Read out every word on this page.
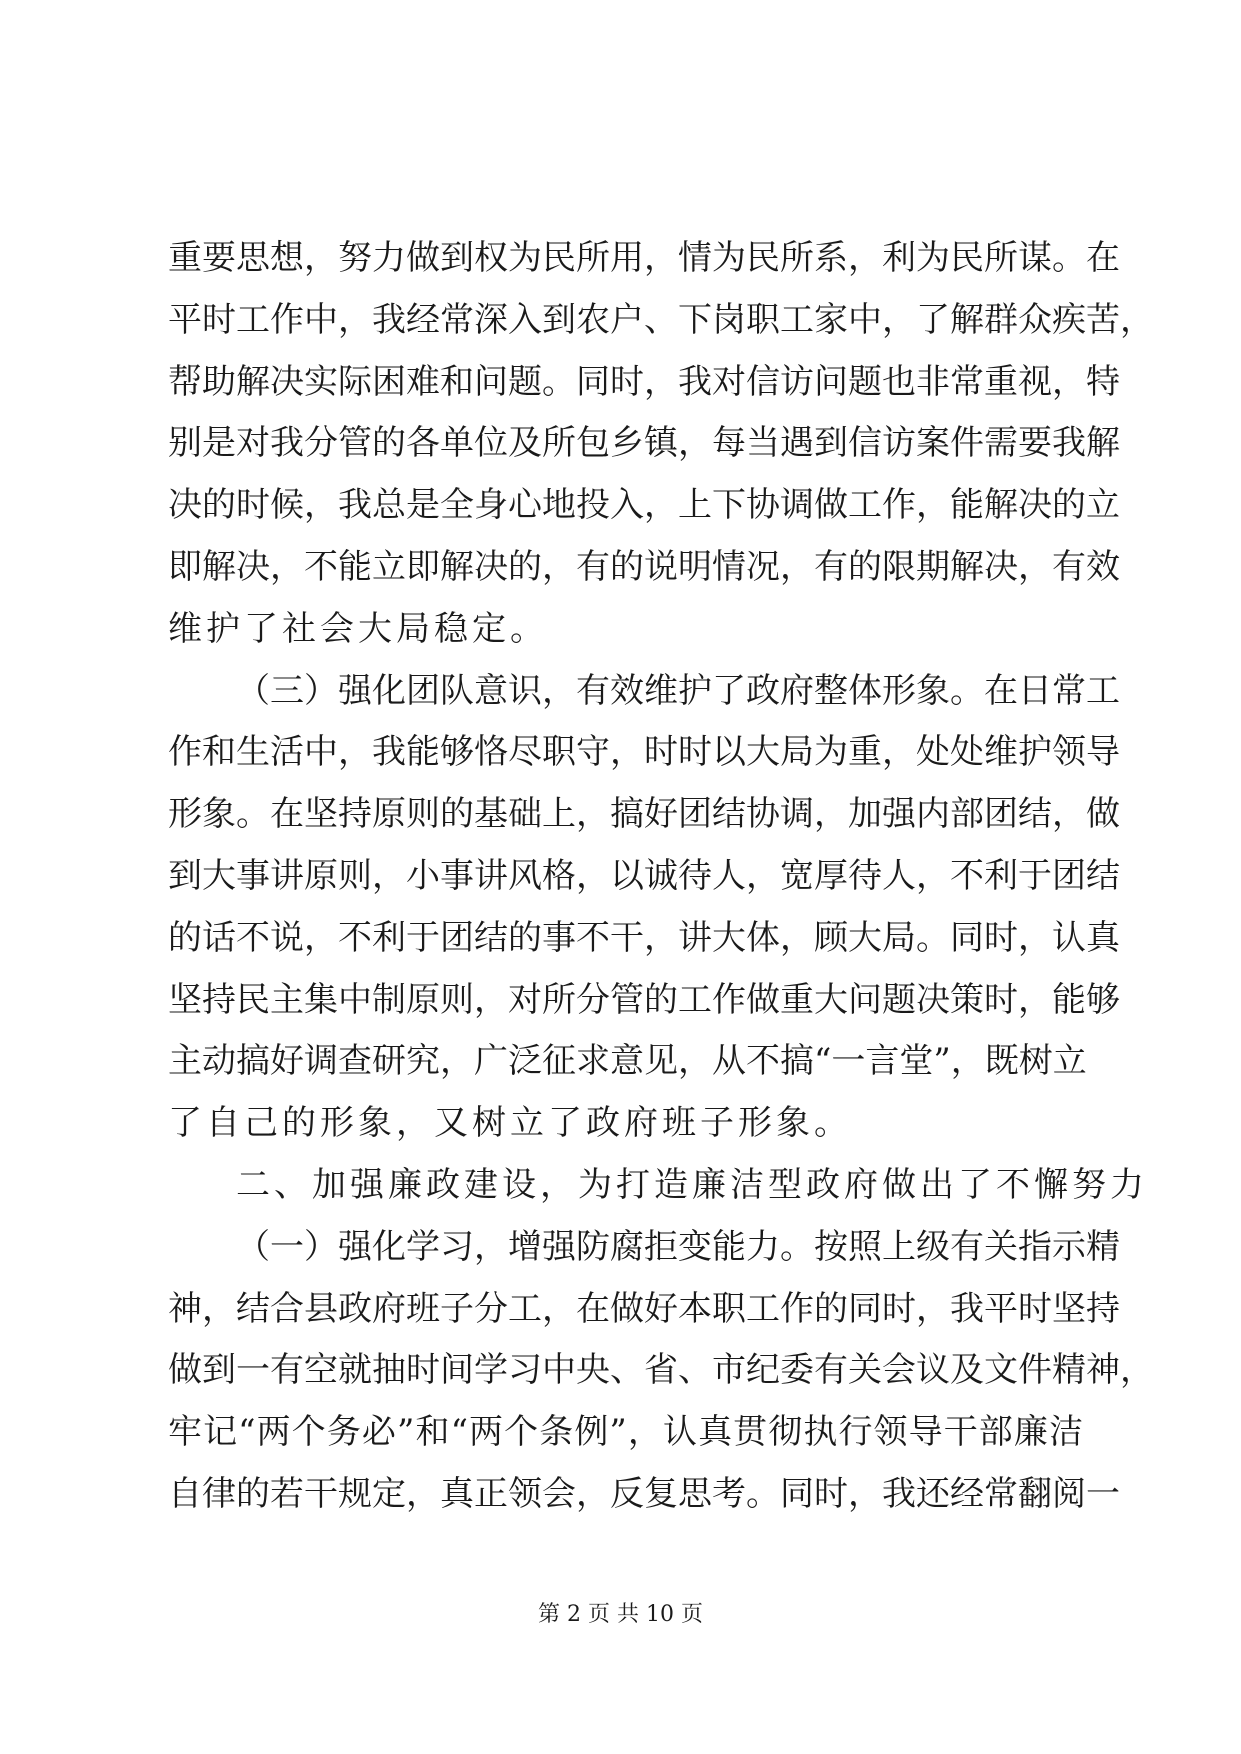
重要思想，努力做到权为民所用，情为民所系，利为民所谋。在
平时工作中，我经常深入到农户、下岗职工家中，了解群众疾苦，
帮助解决实际困难和问题。同时，我对信访问题也非常重视，特
别是对我分管的各单位及所包乡镇，每当遇到信访案件需要我解
决的时候，我总是全身心地投入，上下协调做工作，能解决的立
即解决，不能立即解决的，有的说明情况，有的限期解决，有效
维护了社会大局稳定。
（三）强化团队意识，有效维护了政府整体形象。在日常工
作和生活中，我能够恪尽职守，时时以大局为重，处处维护领导
形象。在坚持原则的基础上，搞好团结协调，加强内部团结，做
到大事讲原则，小事讲风格，以诚待人，宽厚待人，不利于团结
的话不说，不利于团结的事不干，讲大体，顾大局。同时，认真
坚持民主集中制原则，对所分管的工作做重大问题决策时，能够
主动搞好调查研究，广泛征求意见，从不搞“一言堂”，既树立
了自己的形象，又树立了政府班子形象。
二、加强廉政建设，为打造廉洁型政府做出了不懈努力
（一）强化学习，增强防腐拒变能力。按照上级有关指示精
神，结合县政府班子分工，在做好本职工作的同时，我平时坚持
做到一有空就抽时间学习中央、省、市纪委有关会议及文件精神，
牢记“两个务必”和“两个条例”，认真贯彻执行领导干部廉洁
自律的若干规定，真正领会，反复思考。同时，我还经常翻阅一
第 2 页 共 10 页
